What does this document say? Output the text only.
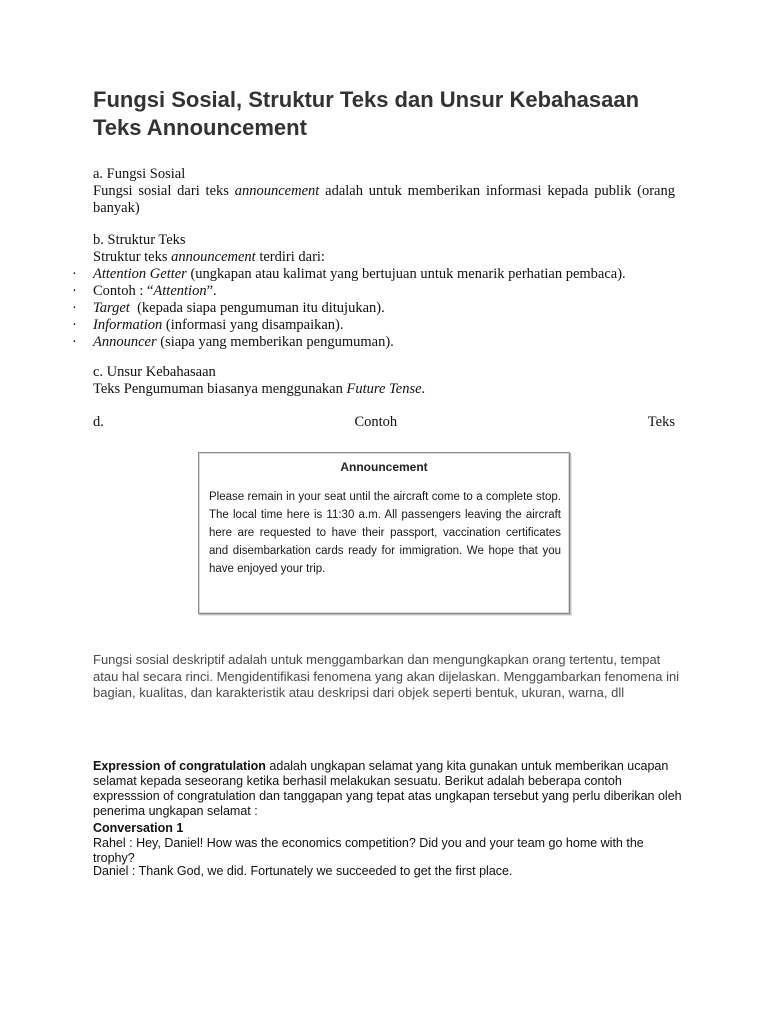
Fungsi Sosial, Struktur Teks dan Unsur Kebahasaan Teks Announcement
a. Fungsi Sosial
Fungsi sosial dari teks announcement adalah untuk memberikan informasi kepada publik (orang banyak)
b. Struktur Teks
Struktur teks announcement terdiri dari:
· Attention Getter (ungkapan atau kalimat yang bertujuan untuk menarik perhatian pembaca).
· Contoh : “Attention”.
· Target  (kepada siapa pengumuman itu ditujukan).
· Information (informasi yang disampaikan).
· Announcer (siapa yang memberikan pengumuman).
c. Unsur Kebahasaan
Teks Pengumuman biasanya menggunakan Future Tense.
d.	Contoh	Teks
Announcement

Please remain in your seat until the aircraft come to a complete stop. The local time here is 11:30 a.m. All passengers leaving the aircraft here are requested to have their passport, vaccination certificates and disembarkation cards ready for immigration. We hope that you have enjoyed your trip.

Fungsi sosial deskriptif adalah untuk menggambarkan dan mengungkapkan orang tertentu, tempat atau hal secara rinci. Mengidentifikasi fenomena yang akan dijelaskan. Menggambarkan fenomena ini bagian, kualitas, dan karakteristik atau deskripsi dari objek seperti bentuk, ukuran, warna, dll

Expression of congratulation adalah ungkapan selamat yang kita gunakan untuk memberikan ucapan selamat kepada seseorang ketika berhasil melakukan sesuatu. Berikut adalah beberapa contoh expresssion of congratulation dan tanggapan yang tepat atas ungkapan tersebut yang perlu diberikan oleh penerima ungkapan selamat :

Conversation 1

Rahel : Hey, Daniel! How was the economics competition? Did you and your team go home with the trophy?

Daniel : Thank God, we did. Fortunately we succeeded to get the first place.
